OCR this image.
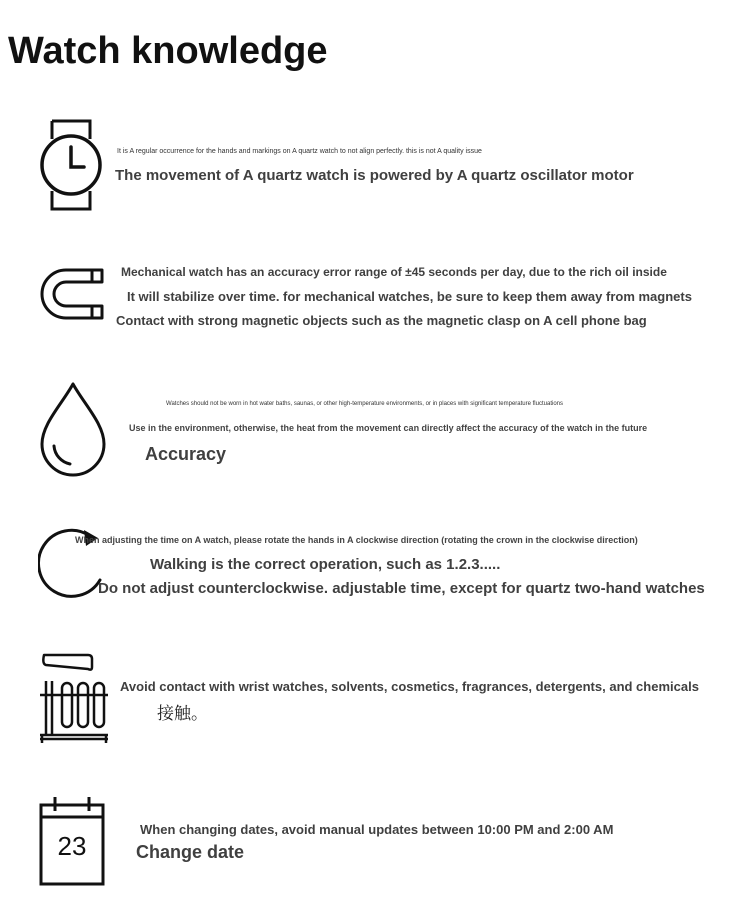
Watch knowledge
It is A regular occurrence for the hands and markings on A quartz watch to not align perfectly. this is not A quality issue
The movement of A quartz watch is powered by A quartz oscillator motor
Mechanical watch has an accuracy error range of ±45 seconds per day, due to the rich oil inside
It will stabilize over time. for mechanical watches, be sure to keep them away from magnets
Contact with strong magnetic objects such as the magnetic clasp on A cell phone bag
Watches should not be worn in hot water baths, saunas, or other high-temperature environments, or in places with significant temperature fluctuations
Use in the environment, otherwise, the heat from the movement can directly affect the accuracy of the watch in the future
Accuracy
When adjusting the time on A watch, please rotate the hands in A clockwise direction (rotating the crown in the clockwise direction)
Walking is the correct operation, such as 1.2.3.....
Do not adjust counterclockwise. adjustable time, except for quartz two-hand watches
Avoid contact with wrist watches, solvents, cosmetics, fragrances, detergents, and chemicals
接触。
23
When changing dates, avoid manual updates between 10:00 PM and 2:00 AM
Change date
